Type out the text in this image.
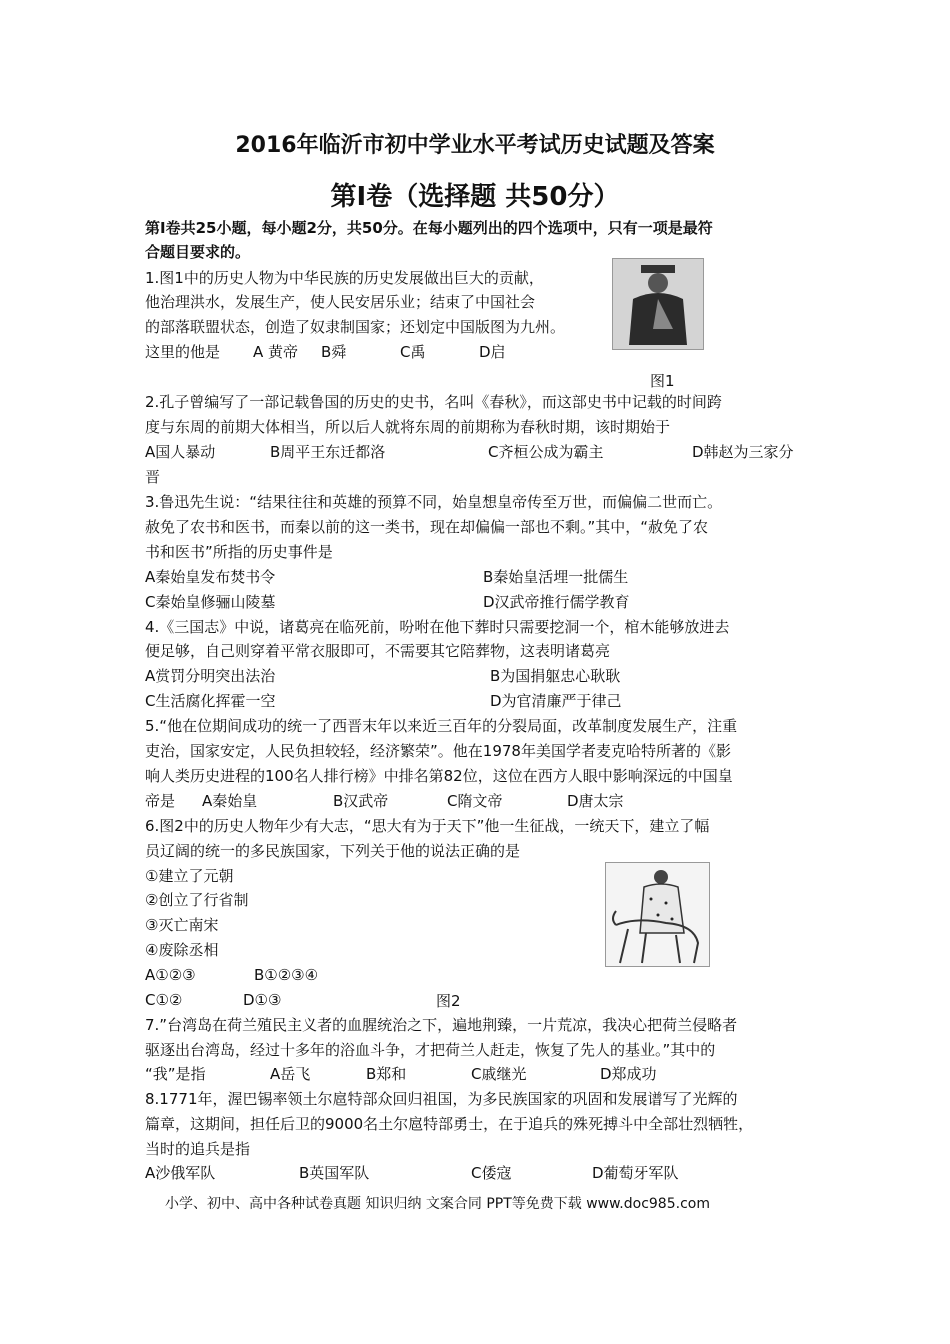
2016年临沂市初中学业水平考试历史试题及答案
第Ⅰ卷（选择题 共50分）
第Ⅰ卷共25小题，每小题2分，共50分。在每小题列出的四个选项中，只有一项是最符
合题目要求的。
1.图1中的历史人物为中华民族的历史发展做出巨大的贡献，
他治理洪水，发展生产，使人民安居乐业；结束了中国社会
的部落联盟状态，创造了奴隶制国家；还划定中国版图为九州。
这里的他是 A 黄帝 B舜	C禹	D启
图1
2.孔子曾编写了一部记载鲁国的历史的史书，名叫《春秋》，而这部史书中记载的时间跨
度与东周的前期大体相当，所以后人就将东周的前期称为春秋时期，该时期始于
A国人暴动	B周平王东迁都洛	C齐桓公成为霸主	D韩赵为三家分
晋
3.鲁迅先生说：“结果往往和英雄的预算不同，始皇想皇帝传至万世，而偏偏二世而亡。
赦免了农书和医书，而秦以前的这一类书，现在却偏偏一部也不剩。”其中，“赦免了农
书和医书”所指的历史事件是
A秦始皇发布焚书令	B秦始皇活埋一批儒生
C秦始皇修骊山陵墓	D汉武帝推行儒学教育
4.《三国志》中说，诸葛亮在临死前，吩咐在他下葬时只需要挖洞一个，棺木能够放进去
便足够，自己则穿着平常衣服即可，不需要其它陪葬物，这表明诸葛亮
A赏罚分明突出法治	B为国捐躯忠心耿耿
C生活腐化挥霍一空	D为官清廉严于律己
5.“他在位期间成功的统一了西晋末年以来近三百年的分裂局面，改革制度发展生产，注重
吏治，国家安定，人民负担较轻，经济繁荣”。他在1978年美国学者麦克哈特所著的《影
响人类历史进程的100名人排行榜》中排名第82位，这位在西方人眼中影响深远的中国皇
帝是 A秦始皇	B汉武帝	C隋文帝	D唐太宗
6.图2中的历史人物年少有大志，“思大有为于天下”他一生征战，一统天下，建立了幅
员辽阔的统一的多民族国家，下列关于他的说法正确的是
①建立了元朝
②创立了行省制
③灭亡南宋
④废除丞相
A①②③	B①②③④
C①②	D①③	图2
7.”台湾岛在荷兰殖民主义者的血腥统治之下，遍地荆臻，一片荒凉，我决心把荷兰侵略者
驱逐出台湾岛，经过十多年的浴血斗争，才把荷兰人赶走，恢复了先人的基业。”其中的
“我”是指	A岳飞	B郑和	C戚继光	D郑成功
8.1771年，渥巴锡率领土尔扈特部众回归祖国，为多民族国家的巩固和发展谱写了光辉的
篇章，这期间，担任后卫的9000名土尔扈特部勇士，在于追兵的殊死搏斗中全部壮烈牺牲，
当时的追兵是指
A沙俄军队	B英国军队	C倭寇	D葡萄牙军队
小学、初中、高中各种试卷真题 知识归纳 文案合同 PPT等免费下载 www.doc985.com
